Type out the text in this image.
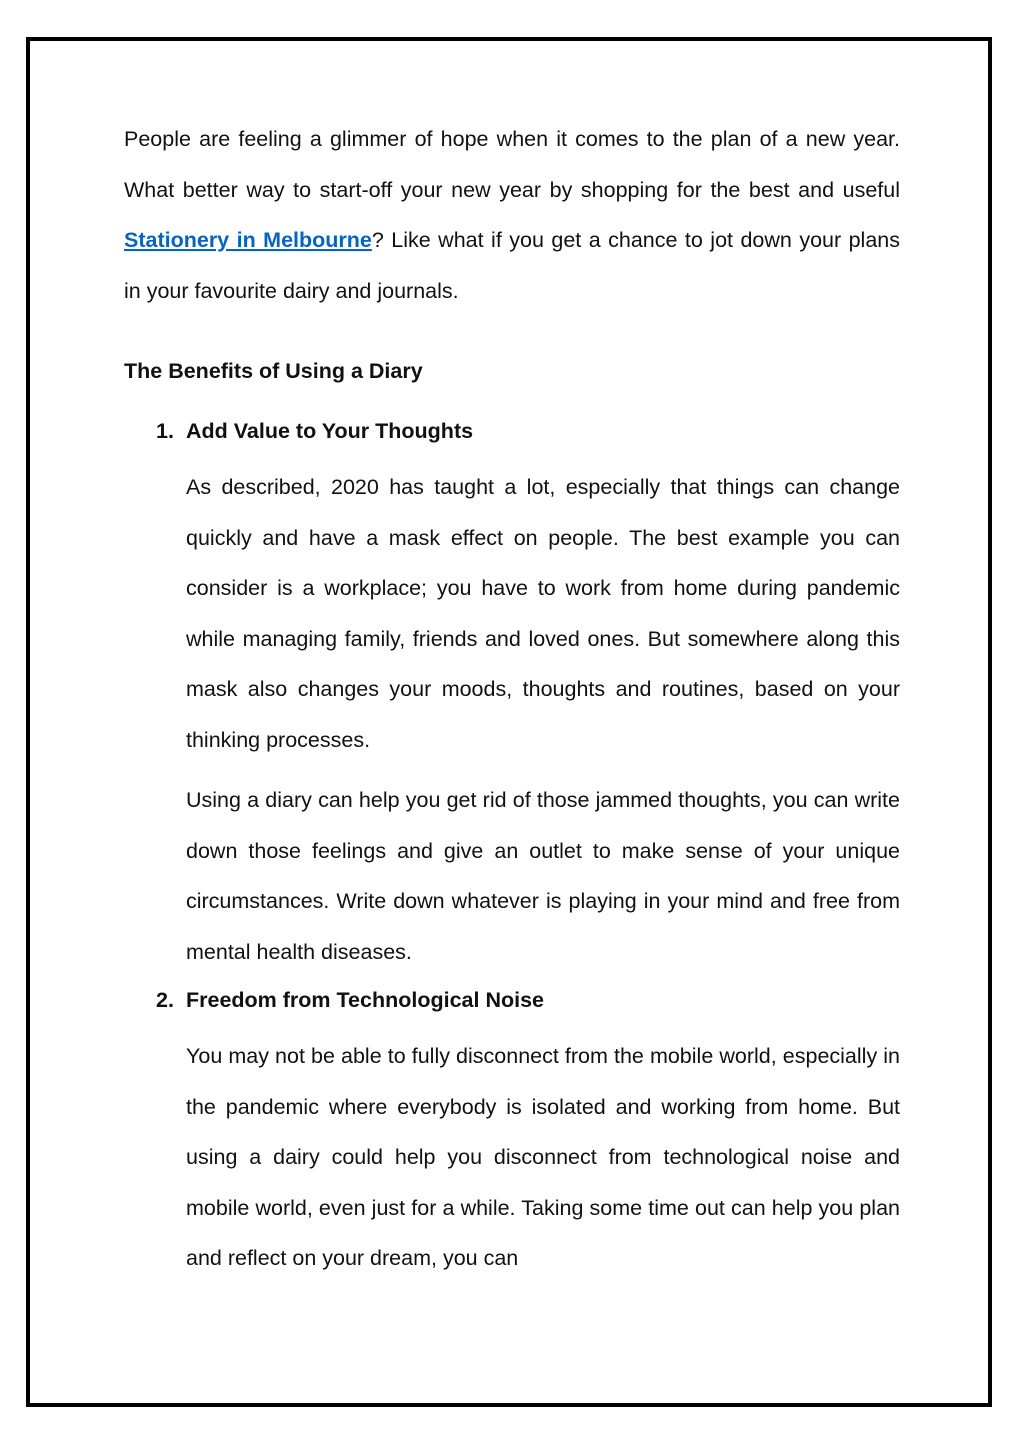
People are feeling a glimmer of hope when it comes to the plan of a new year. What better way to start-off your new year by shopping for the best and useful Stationery in Melbourne? Like what if you get a chance to jot down your plans in your favourite dairy and journals.

The Benefits of Using a Diary
1. Add Value to Your Thoughts

As described, 2020 has taught a lot, especially that things can change quickly and have a mask effect on people. The best example you can consider is a workplace; you have to work from home during pandemic while managing family, friends and loved ones. But somewhere along this mask also changes your moods, thoughts and routines, based on your thinking processes.

Using a diary can help you get rid of those jammed thoughts, you can write down those feelings and give an outlet to make sense of your unique circumstances. Write down whatever is playing in your mind and free from mental health diseases.

2. Freedom from Technological Noise

You may not be able to fully disconnect from the mobile world, especially in the pandemic where everybody is isolated and working from home. But using a dairy could help you disconnect from technological noise and mobile world, even just for a while. Taking some time out can help you plan and reflect on your dream, you can
